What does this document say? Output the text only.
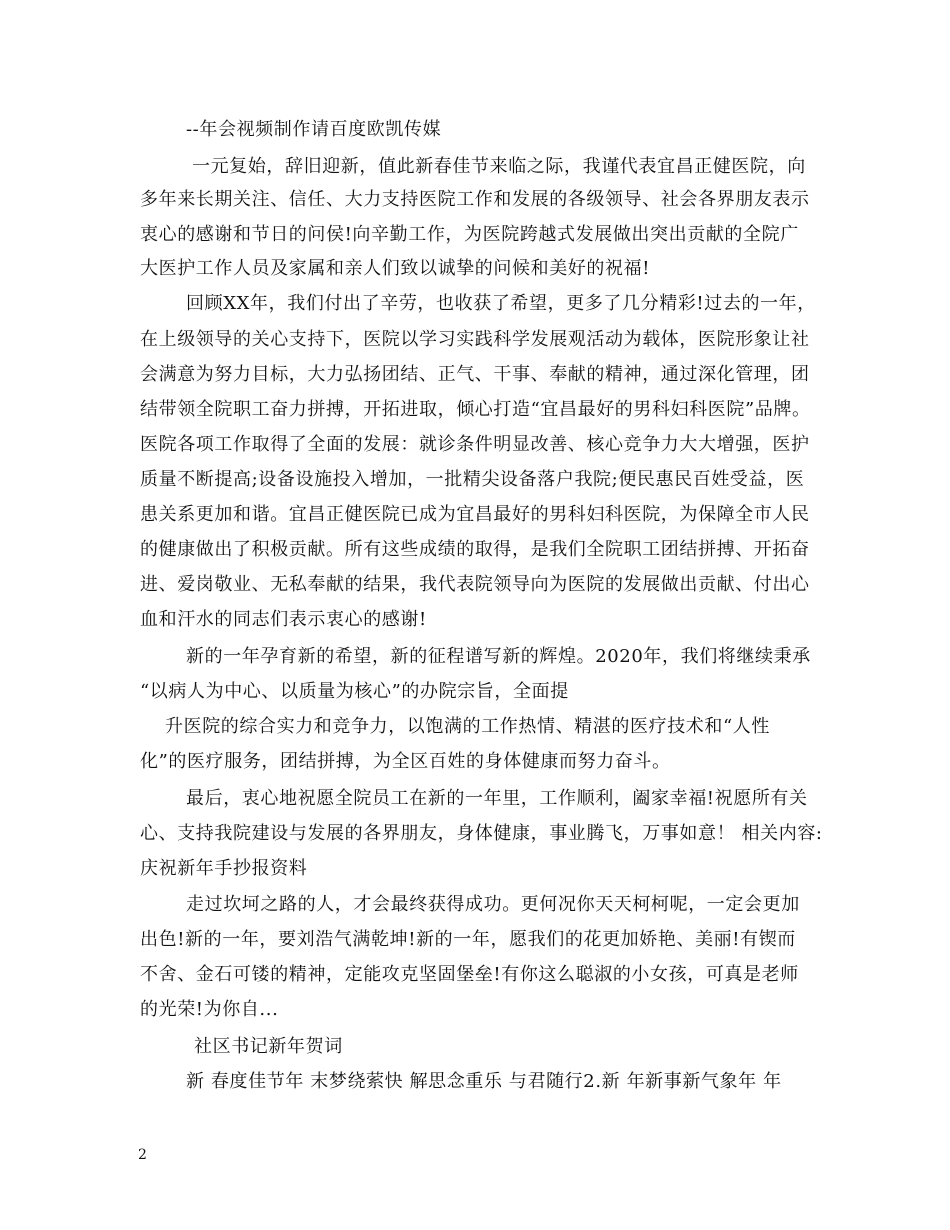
--年会视频制作请百度欧凯传媒
一元复始，辞旧迎新，值此新春佳节来临之际，我谨代表宜昌正健医院，向
多年来长期关注、信任、大力支持医院工作和发展的各级领导、社会各界朋友表示
衷心的感谢和节日的问侯!向辛勤工作，为医院跨越式发展做出突出贡献的全院广
大医护工作人员及家属和亲人们致以诚挚的问候和美好的祝福!
回顾XX年，我们付出了辛劳，也收获了希望，更多了几分精彩!过去的一年，
在上级领导的关心支持下，医院以学习实践科学发展观活动为载体，医院形象让社
会满意为努力目标，大力弘扬团结、正气、干事、奉献的精神，通过深化管理，团
结带领全院职工奋力拼搏，开拓进取，倾心打造“宜昌最好的男科妇科医院”品牌。
医院各项工作取得了全面的发展：就诊条件明显改善、核心竞争力大大增强，医护
质量不断提高;设备设施投入增加，一批精尖设备落户我院;便民惠民百姓受益，医
患关系更加和谐。宜昌正健医院已成为宜昌最好的男科妇科医院，为保障全市人民
的健康做出了积极贡献。所有这些成绩的取得，是我们全院职工团结拼搏、开拓奋
进、爱岗敬业、无私奉献的结果，我代表院领导向为医院的发展做出贡献、付出心
血和汗水的同志们表示衷心的感谢!
新的一年孕育新的希望，新的征程谱写新的辉煌。2020年，我们将继续秉承
“以病人为中心、以质量为核心”的办院宗旨，全面提
升医院的综合实力和竞争力，以饱满的工作热情、精湛的医疗技术和“人性
化”的医疗服务，团结拼搏，为全区百姓的身体健康而努力奋斗。
最后，衷心地祝愿全院员工在新的一年里，工作顺利，阖家幸福!祝愿所有关
心、支持我院建设与发展的各界朋友，身体健康，事业腾飞，万事如意！ 相关内容:
庆祝新年手抄报资料
走过坎坷之路的人，才会最终获得成功。更何况你天天柯柯呢，一定会更加
出色!新的一年，要刘浩气满乾坤!新的一年，愿我们的花更加娇艳、美丽!有锲而
不舍、金石可镂的精神，定能攻克坚固堡垒!有你这么聪淑的小女孩，可真是老师
的光荣!为你自...
社区书记新年贺词
新 春度佳节年 末梦绕萦快 解思念重乐 与君随行2.新 年新事新气象年 年
2
